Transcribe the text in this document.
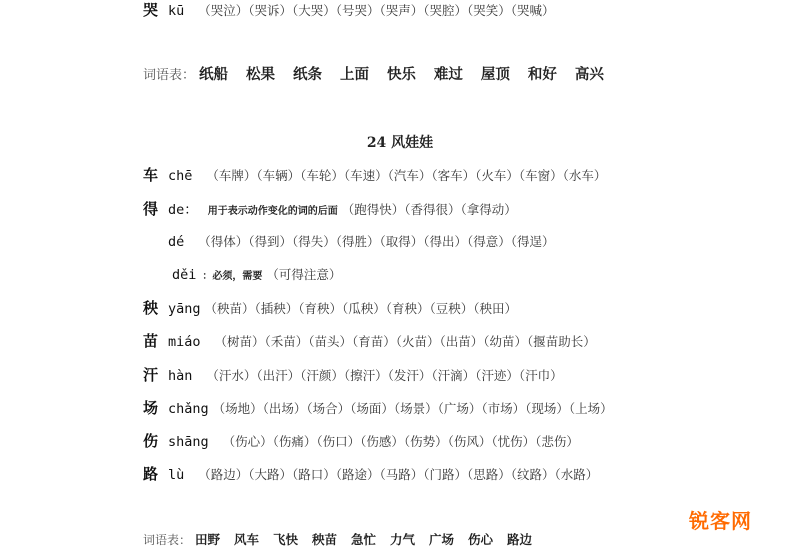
哭 kū （哭泣）（哭诉）（大哭）（号哭）（哭声）（哭腔）（哭笑）（哭喊）
词语表： 纸船 松果 纸条 上面 快乐 难过 屋顶 和好 高兴
24 风娃娃
车 chē （车牌）（车辆）（车轮）（车速）（汽车）（客车）（火车）（车窗）（水车）
得 de： 用于表示动作变化的词的后面 （跑得快）（香得很）（拿得动）
dé （得体）（得到）（得失）（得胜）（取得）（得出）（得意）（得逞）
děi ：必须，需要 （可得注意）
秧 yāng （秧苗）（插秧）（育秧）（瓜秧）（育秧）（豆秧）（秧田）
苗 miáo （树苗）（禾苗）（苗头）（育苗）（火苗）（出苗）（幼苗）（揠苗助长）
汗 hàn （汗水）（出汗）（汗颜）（擦汗）（发汗）（汗滴）（汗迹）（汗巾）
场 chǎng （场地）（出场）（场合）（场面）（场景）（广场）（市场）（现场）（上场）
伤 shāng （伤心）（伤痛）（伤口）（伤感）（伤势）（伤风）（忧伤）（悲伤）
路 lù （路边）（大路）（路口）（路途）（马路）（门路）（思路）（纹路）（水路）
词语表： 田野 风车 飞快 秧苗 急忙 力气 广场 伤心 路边
锐客网
